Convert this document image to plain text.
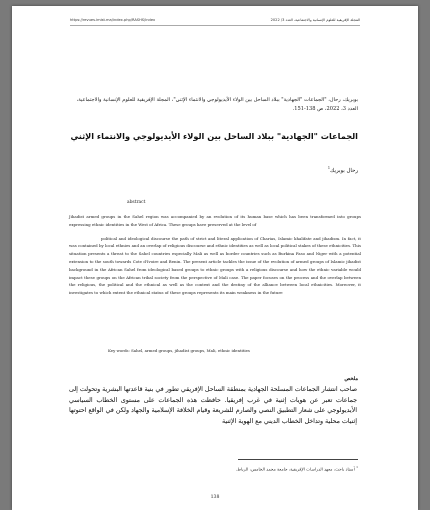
https://revues.imist.ma/index.php/RASHS/index	المجلة الإفريقية للعلوم الإنسانية والاجتماعية، العدد 3/ 2022
بوبريك، رحال، "الجماعات "الجهادية" ببلاد الساحل بين الولاء الأيديولوجي والانتماء الإثني"، المجلة الإفريقية للعلوم الإنسانية والاجتماعية، العدد 3، 2022، ص 138-151.
الجماعات "الجهادية" ببلاد الساحل بين الولاء الأيديولوجي والانتماء الإثني
رحال بوبريك$^1$
abstract

Jihadist armed groups in the Sahel region was accompanied by an evolution of its human base which has been transformed into groups expressing ethnic identities in the West of Africa. These groups have preserved at the level of

political and ideological discourse the path of strict and literal application of Charias, Islamic khalifate and jihadism. In fact, it was contained by local ethnies and an overlap of religious discourse and ethnic identities as well as local political stakes of these ethnicities. This situation presents a threat to the Sahel countries especially Mali as well as border countries such as Burkina Faso and Niger with a potential extension to the south towards Cote d'Ivoire and Benin. The present article tackles the issue of the evolution of armed groups of Islamic jihadist background in the African Sahel from ideological based groups to ethnic groups with a religious discourse and how the ethnic variable would impact these groups on the African tribal society from the perspective of Mali case. The paper focuses on the process and the overlap between the religious, the political and the ethnical as well as the context and the destiny of the alliance between local ethnicities. Moreover, it investigates to which extent the ethnical status of these groups represents its main weakness in the future

Key words: Sahel, armed groups, jihadist groups, Mali, ethnic identities
ملخص

صاحب انتشار الجماعات المسلحة الجهادية بمنطقة الساحل الإفريقي تطور في بنية قاعدتها البشرية وتحولت إلى جماعات تعبر عن هويات إثنية في غرب إفريقيا. حافظت هذه الجماعات على مستوى الخطاب السياسي الأيديولوجي على شعار التطبيق النصي والصارم للشريعة وقيام الخلافة الإسلامية والجهاد ولكن في الواقع احتوتها إثنيات محلية وتداخل الخطاب الديني مع الهوية الإثنية

$^1$ أستاذ باحث، معهد الدراسات الإفريقية، جامعة محمد الخامس، الرباط.
138
